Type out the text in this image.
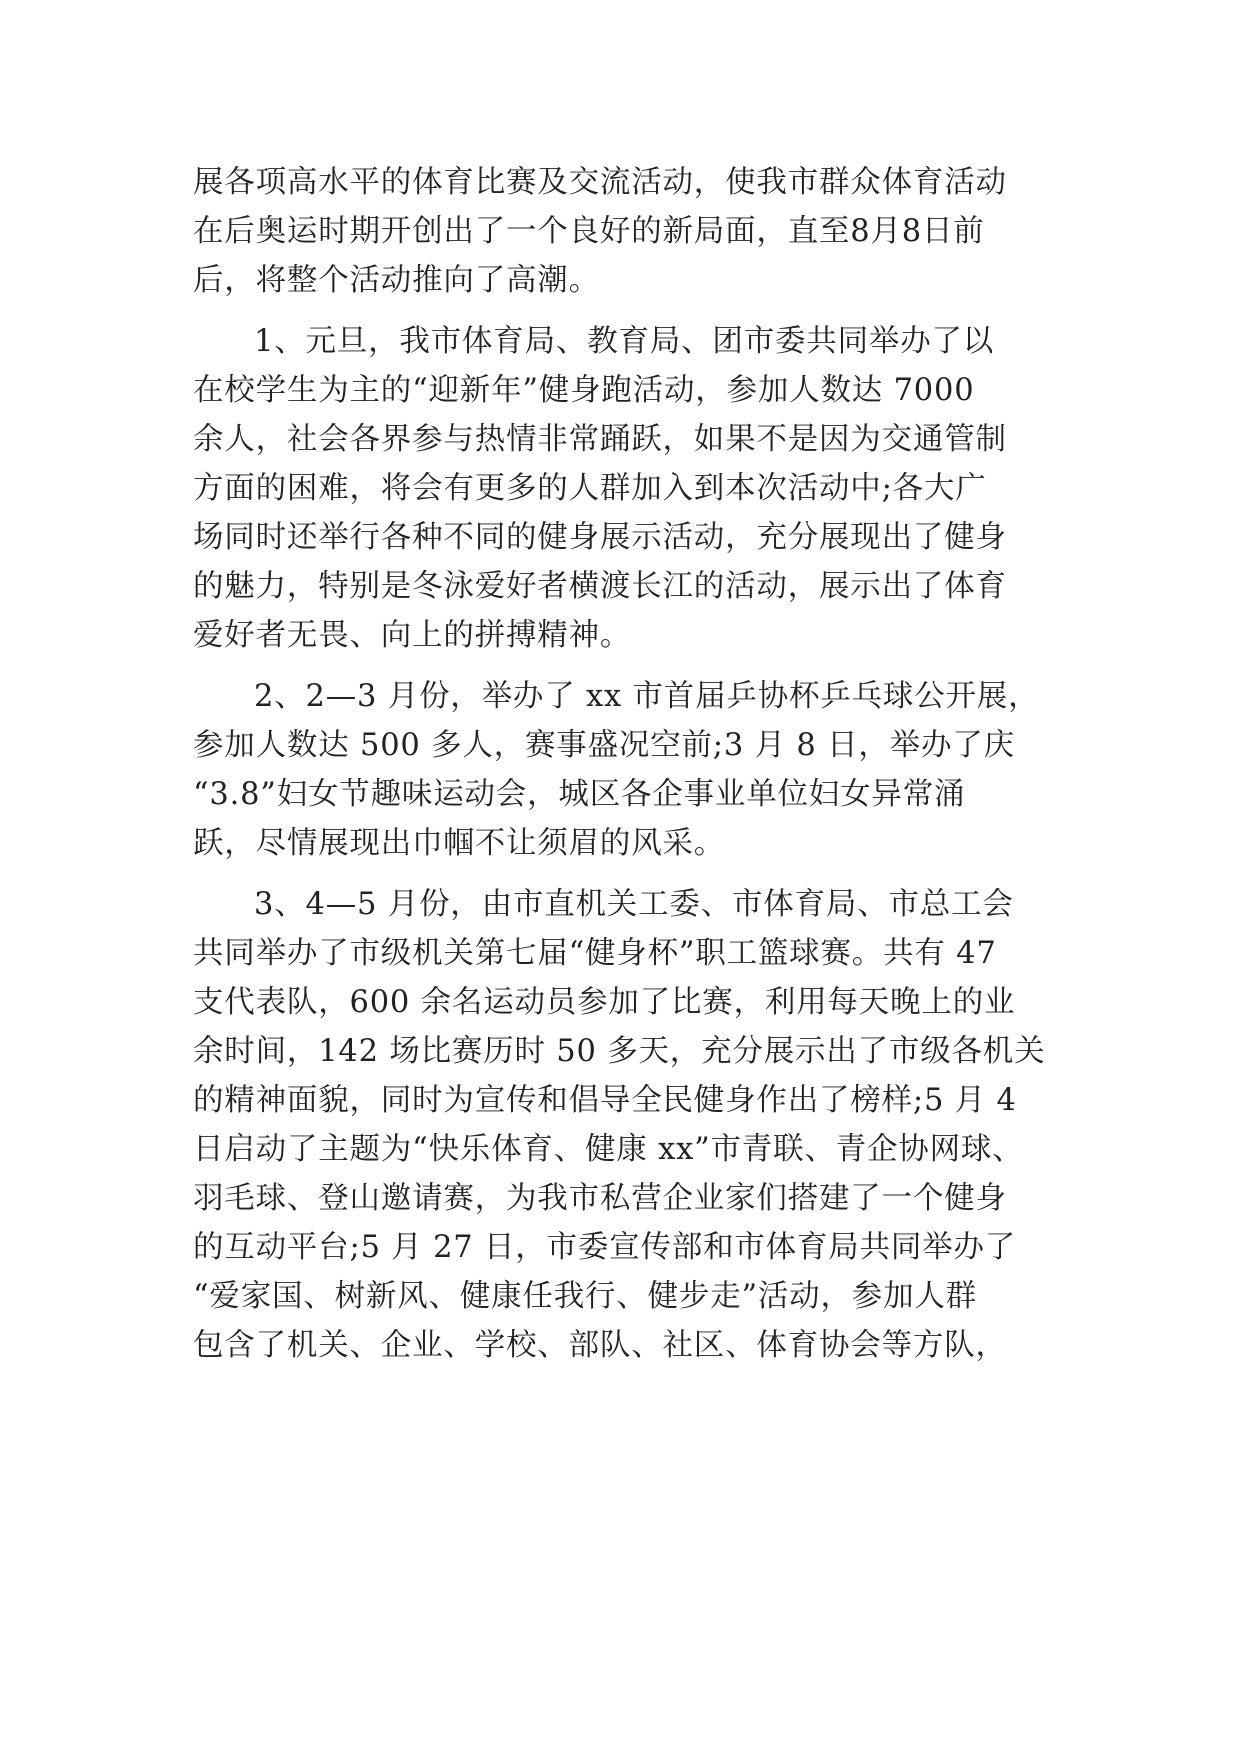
展各项高水平的体育比赛及交流活动，使我市群众体育活动
在后奥运时期开创出了一个良好的新局面，直至8月8日前
后，将整个活动推向了高潮。
1、元旦，我市体育局、教育局、团市委共同举办了以
在校学生为主的“迎新年”健身跑活动，参加人数达 7000
余人，社会各界参与热情非常踊跃，如果不是因为交通管制
方面的困难，将会有更多的人群加入到本次活动中;各大广
场同时还举行各种不同的健身展示活动，充分展现出了健身
的魅力，特别是冬泳爱好者横渡长江的活动，展示出了体育
爱好者无畏、向上的拼搏精神。
2、2—3 月份，举办了 xx 市首届乒协杯乒乓球公开展，
参加人数达 500 多人，赛事盛况空前;3 月 8 日，举办了庆
“3.8”妇女节趣味运动会，城区各企事业单位妇女异常涌
跃，尽情展现出巾帼不让须眉的风采。
3、4—5 月份，由市直机关工委、市体育局、市总工会
共同举办了市级机关第七届“健身杯”职工篮球赛。共有 47
支代表队，600 余名运动员参加了比赛，利用每天晚上的业
余时间，142 场比赛历时 50 多天，充分展示出了市级各机关
的精神面貌，同时为宣传和倡导全民健身作出了榜样;5 月 4
日启动了主题为“快乐体育、健康 xx”市青联、青企协网球、
羽毛球、登山邀请赛，为我市私营企业家们搭建了一个健身
的互动平台;5 月 27 日，市委宣传部和市体育局共同举办了
“爱家国、树新风、健康任我行、健步走”活动，参加人群
包含了机关、企业、学校、部队、社区、体育协会等方队，
